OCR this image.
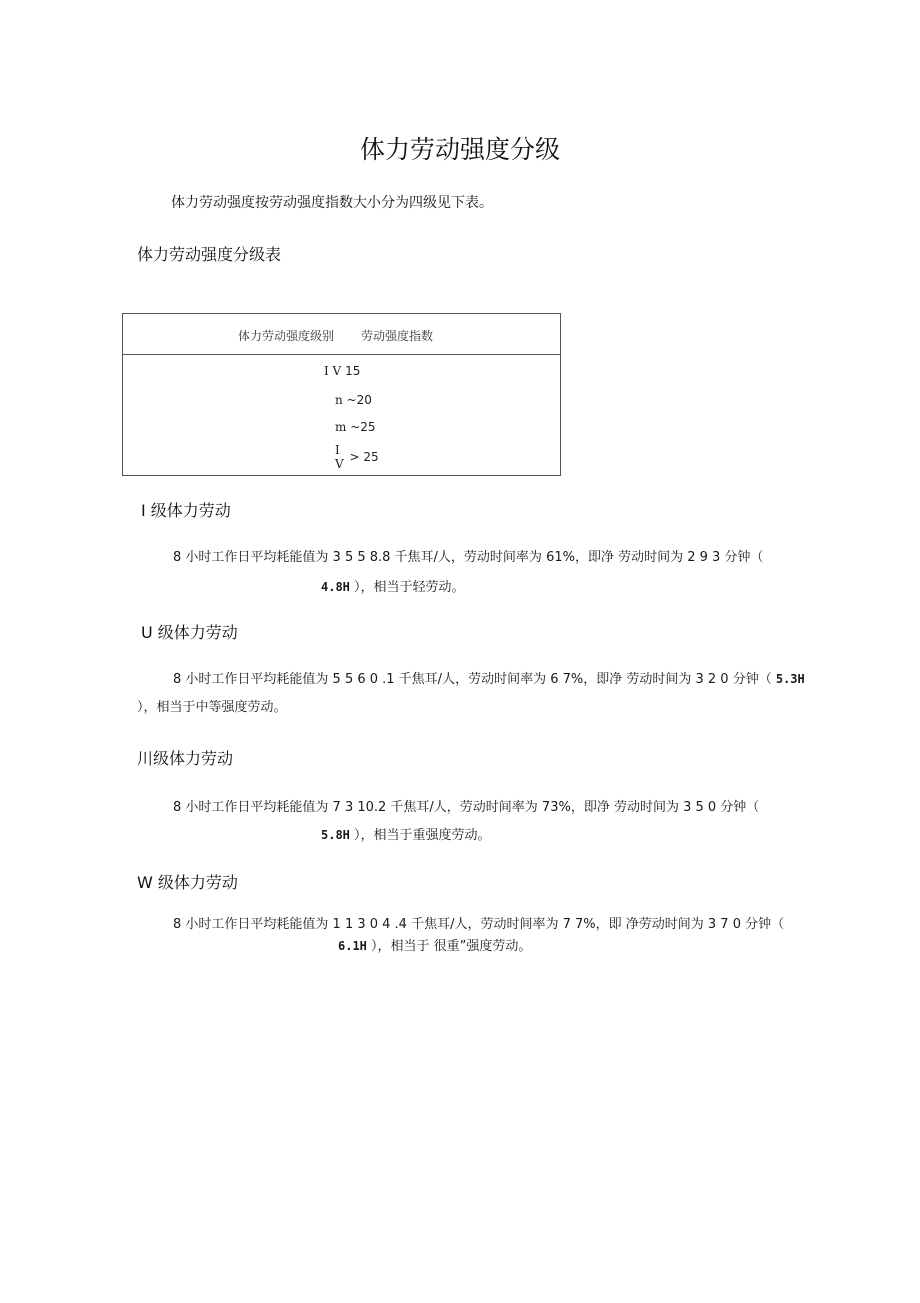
体力劳动强度分级
体力劳动强度按劳动强度指数大小分为四级见下表。
体力劳动强度分级表
体力劳动强度级别 劳动强度指数
I V 15
n ~20
m ~25
I
V > 25
I 级体力劳动
8 小时工作日平均耗能值为 3 5 5 8.8 千焦耳/人，劳动时间率为 61%，即净 劳动时间为 2 9 3 分钟（
4.8H ），相当于轻劳动。
U 级体力劳动
8 小时工作日平均耗能值为 5 5 6 0 .1 千焦耳/人，劳动时间率为 6 7%，即净 劳动时间为 3 2 0 分钟（ 5.3H
），相当于中等强度劳动。
川级体力劳动
8 小时工作日平均耗能值为 7 3 10.2 千焦耳/人，劳动时间率为 73%，即净 劳动时间为 3 5 0 分钟（
5.8H ），相当于重强度劳动。
W 级体力劳动
8 小时工作日平均耗能值为 1 1 3 0 4 .4 千焦耳/人，劳动时间率为 7 7%，即 净劳动时间为 3 7 0 分钟（
6.1H ），相当于 很重”强度劳动。
